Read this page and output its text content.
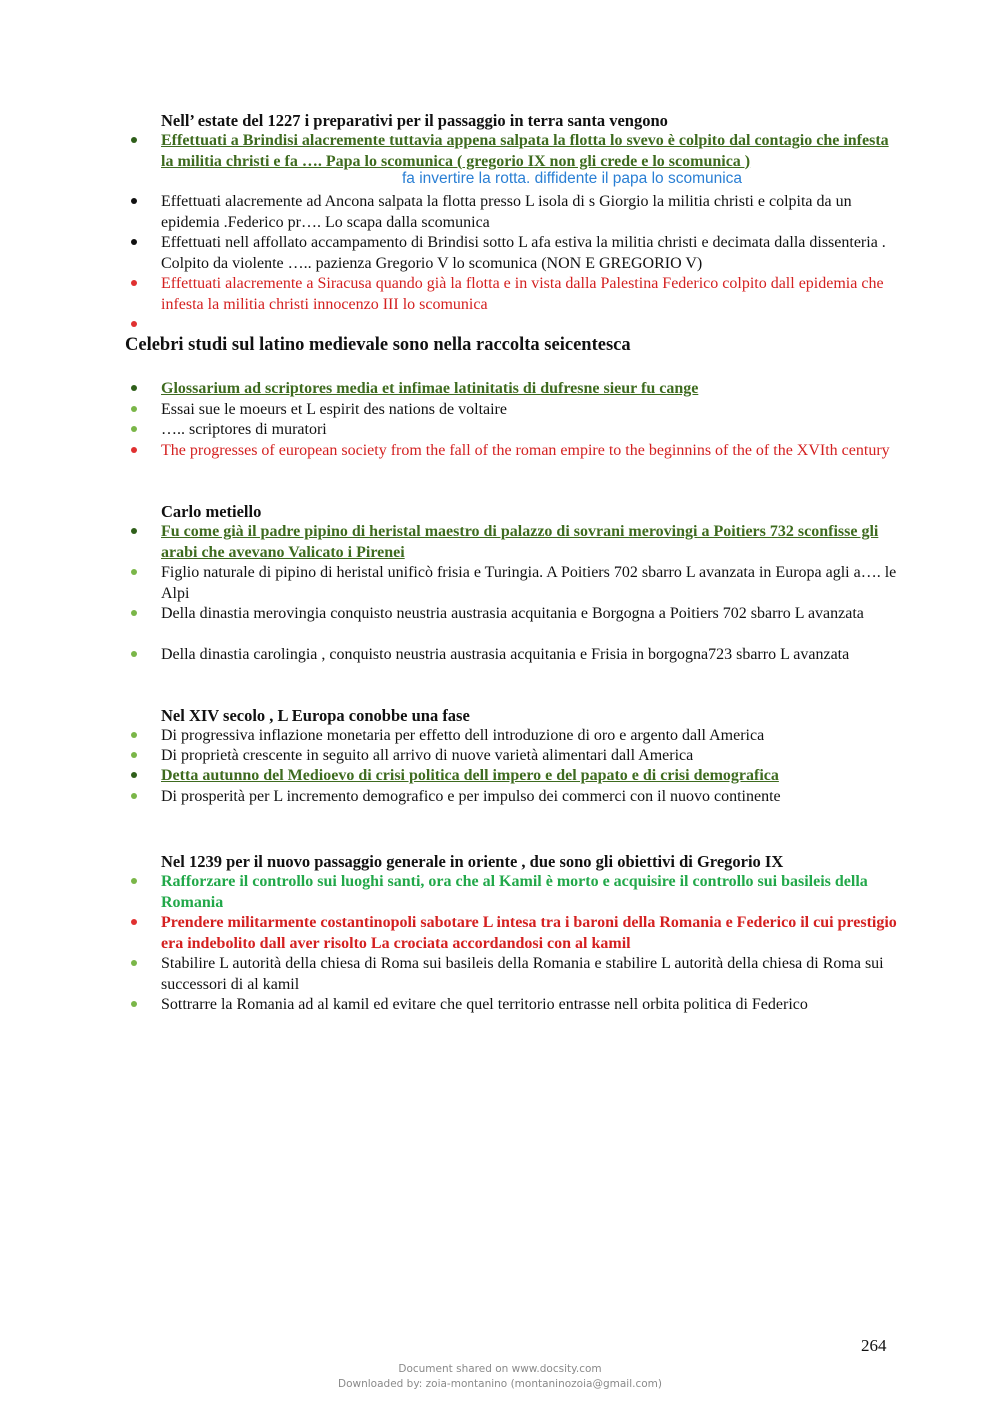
Nell’ estate del 1227 i preparativi per il passaggio in terra santa vengono
Effettuati a Brindisi alacremente tuttavia appena salpata la flotta lo svevo è colpito dal contagio che infesta la militia christi e fa …. Papa lo scomunica ( gregorio IX non gli crede e lo scomunica )
fa invertire la rotta. diffidente il papa lo scomunica
Effettuati alacremente ad Ancona salpata la flotta presso L isola di s Giorgio la militia christi e colpita da un epidemia .Federico pr…. Lo scapa dalla scomunica
Effettuati nell affollato accampamento di Brindisi sotto L afa estiva la militia christi e decimata dalla dissenteria . Colpito da violente ….. pazienza Gregorio V lo scomunica (NON E GREGORIO V)
Effettuati alacremente a Siracusa quando già la flotta e in vista dalla Palestina Federico colpito dall epidemia che infesta la militia christi innocenzo III lo scomunica
Celebri studi sul latino medievale sono nella raccolta seicentesca
Glossarium ad scriptores media et infimae latinitatis di dufresne sieur fu cange
Essai sue le moeurs et L espirit des nations de voltaire
….. scriptores di muratori
The progresses of european society from the fall of the roman empire to the beginnins of the of the XVIth century
Carlo metiello
Fu come già il padre pipino di heristal maestro di palazzo di sovrani merovingi a Poitiers 732 sconfisse gli arabi che avevano Valicato i Pirenei
Figlio naturale di pipino di heristal unificò frisia e Turingia. A Poitiers 702 sbarro L avanzata in Europa agli a…. le Alpi
Della dinastia merovingia conquisto neustria austrasia acquitania e Borgogna a Poitiers 702 sbarro L avanzata
Della dinastia carolingia , conquisto neustria austrasia acquitania e Frisia in borgogna723 sbarro L avanzata
Nel XIV secolo , L Europa conobbe una fase
Di progressiva inflazione monetaria per effetto dell introduzione di oro e argento dall America
Di proprietà crescente in seguito all arrivo di nuove varietà alimentari dall America
Detta autunno del Medioevo di crisi politica dell impero e del papato e di crisi demografica
Di prosperità per L incremento demografico e per impulso dei commerci con il nuovo continente
Nel 1239 per il nuovo passaggio generale in oriente , due sono gli obiettivi di Gregorio IX
Rafforzare il controllo sui luoghi santi, ora che al Kamil è morto e acquisire il controllo sui basileis della Romania
Prendere militarmente costantinopoli sabotare L intesa tra i baroni della Romania e Federico il cui prestigio era indebolito dall aver risolto La crociata accordandosi con al kamil
Stabilire L autorità della chiesa di Roma sui basileis della Romania e stabilire L autorità della chiesa di Roma sui successori di al kamil
Sottrarre la Romania ad al kamil ed evitare che quel territorio entrasse nell orbita politica di Federico
264
Document shared on www.docsity.com
Downloaded by: zoia-montanino (montaninozoia@gmail.com)
